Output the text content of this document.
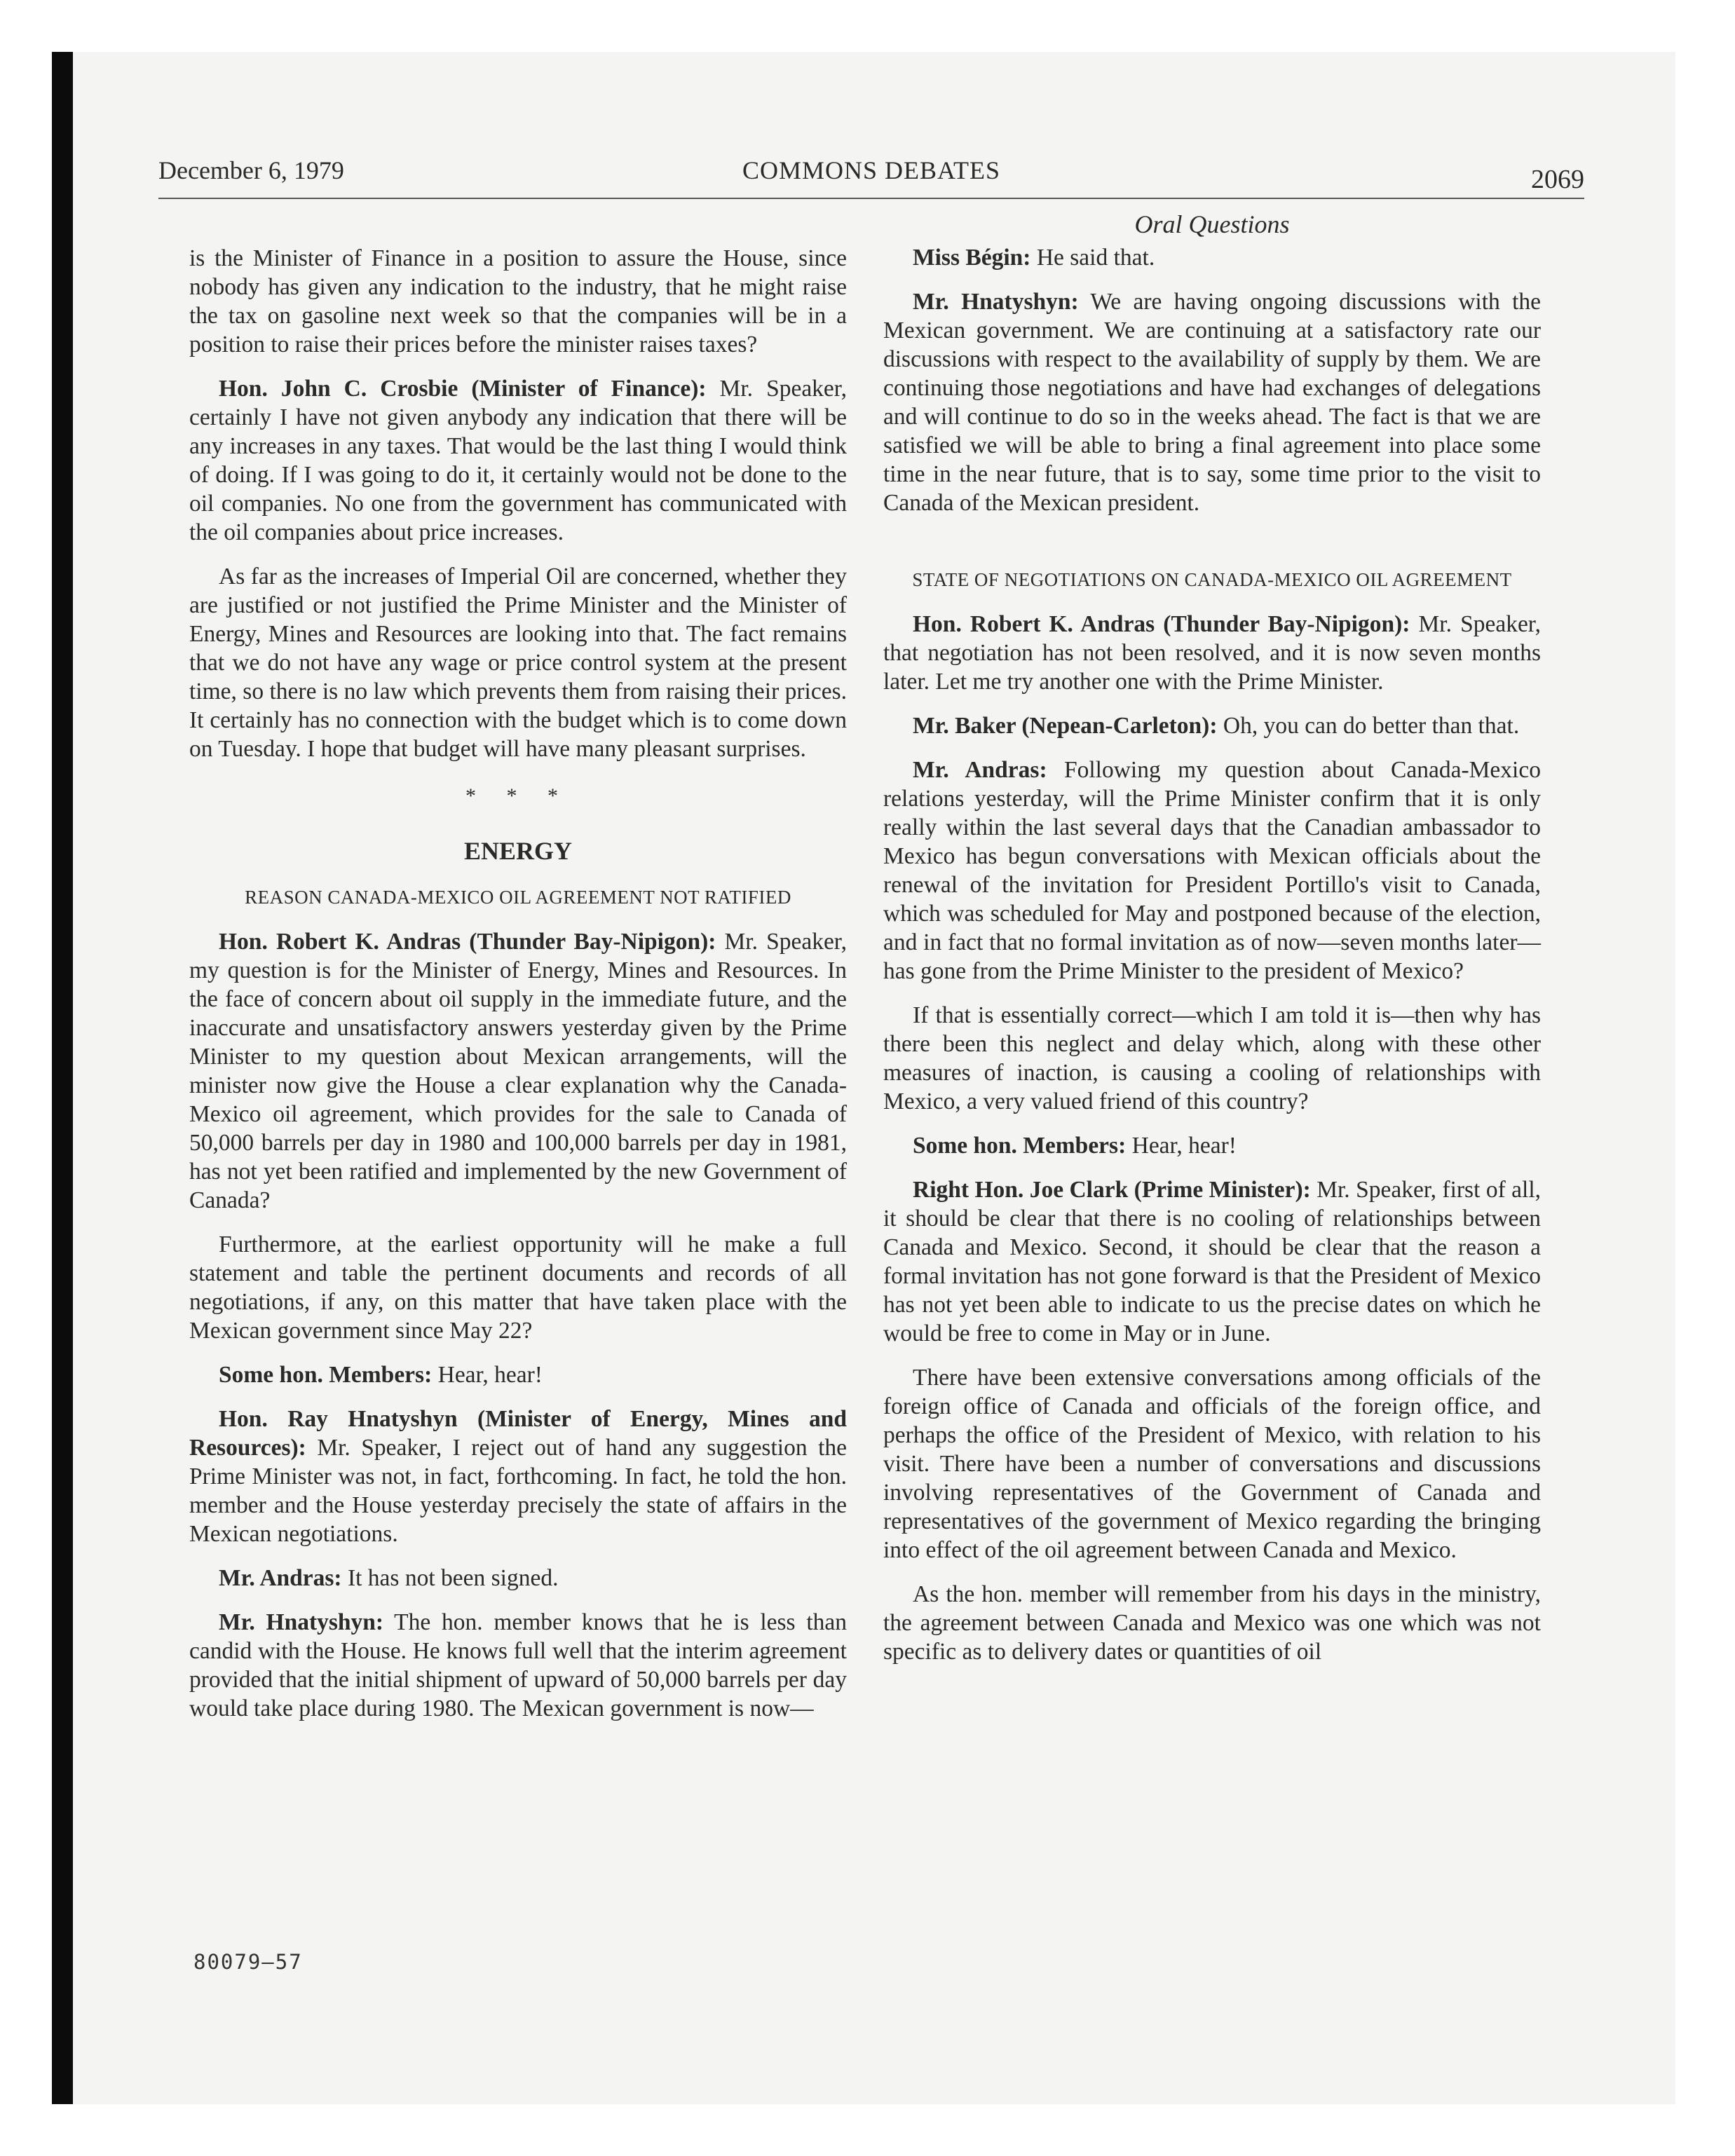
December 6, 1979	COMMONS DEBATES	2069

is the Minister of Finance in a position to assure the House, since nobody has given any indication to the industry, that he might raise the tax on gasoline next week so that the companies will be in a position to raise their prices before the minister raises taxes?

Hon. John C. Crosbie (Minister of Finance): Mr. Speaker, certainly I have not given anybody any indication that there will be any increases in any taxes. That would be the last thing I would think of doing. If I was going to do it, it certainly would not be done to the oil companies. No one from the government has communicated with the oil companies about price increases.

As far as the increases of Imperial Oil are concerned, whether they are justified or not justified the Prime Minister and the Minister of Energy, Mines and Resources are looking into that. The fact remains that we do not have any wage or price control system at the present time, so there is no law which prevents them from raising their prices. It certainly has no connection with the budget which is to come down on Tuesday. I hope that budget will have many pleasant surprises.

* * *
ENERGY
REASON CANADA-MEXICO OIL AGREEMENT NOT RATIFIED

Hon. Robert K. Andras (Thunder Bay-Nipigon): Mr. Speaker, my question is for the Minister of Energy, Mines and Resources. In the face of concern about oil supply in the immediate future, and the inaccurate and unsatisfactory answers yesterday given by the Prime Minister to my question about Mexican arrangements, will the minister now give the House a clear explanation why the Canada-Mexico oil agreement, which provides for the sale to Canada of 50,000 barrels per day in 1980 and 100,000 barrels per day in 1981, has not yet been ratified and implemented by the new Government of Canada?

Furthermore, at the earliest opportunity will he make a full statement and table the pertinent documents and records of all negotiations, if any, on this matter that have taken place with the Mexican government since May 22?

Some hon. Members: Hear, hear!

Hon. Ray Hnatyshyn (Minister of Energy, Mines and Resources): Mr. Speaker, I reject out of hand any suggestion the Prime Minister was not, in fact, forthcoming. In fact, he told the hon. member and the House yesterday precisely the state of affairs in the Mexican negotiations.

Mr. Andras: It has not been signed.

Mr. Hnatyshyn: The hon. member knows that he is less than candid with the House. He knows full well that the interim agreement provided that the initial shipment of upward of 50,000 barrels per day would take place during 1980. The Mexican government is now—

Oral Questions

Miss Bégin: He said that.

Mr. Hnatyshyn: We are having ongoing discussions with the Mexican government. We are continuing at a satisfactory rate our discussions with respect to the availability of supply by them. We are continuing those negotiations and have had exchanges of delegations and will continue to do so in the weeks ahead. The fact is that we are satisfied we will be able to bring a final agreement into place some time in the near future, that is to say, some time prior to the visit to Canada of the Mexican president.

STATE OF NEGOTIATIONS ON CANADA-MEXICO OIL AGREEMENT

Hon. Robert K. Andras (Thunder Bay-Nipigon): Mr. Speaker, that negotiation has not been resolved, and it is now seven months later. Let me try another one with the Prime Minister.

Mr. Baker (Nepean-Carleton): Oh, you can do better than that.

Mr. Andras: Following my question about Canada-Mexico relations yesterday, will the Prime Minister confirm that it is only really within the last several days that the Canadian ambassador to Mexico has begun conversations with Mexican officials about the renewal of the invitation for President Portillo's visit to Canada, which was scheduled for May and postponed because of the election, and in fact that no formal invitation as of now—seven months later—has gone from the Prime Minister to the president of Mexico?

If that is essentially correct—which I am told it is—then why has there been this neglect and delay which, along with these other measures of inaction, is causing a cooling of relationships with Mexico, a very valued friend of this country?

Some hon. Members: Hear, hear!

Right Hon. Joe Clark (Prime Minister): Mr. Speaker, first of all, it should be clear that there is no cooling of relationships between Canada and Mexico. Second, it should be clear that the reason a formal invitation has not gone forward is that the President of Mexico has not yet been able to indicate to us the precise dates on which he would be free to come in May or in June.

There have been extensive conversations among officials of the foreign office of Canada and officials of the foreign office, and perhaps the office of the President of Mexico, with relation to his visit. There have been a number of conversations and discussions involving representatives of the Government of Canada and representatives of the government of Mexico regarding the bringing into effect of the oil agreement between Canada and Mexico.

As the hon. member will remember from his days in the ministry, the agreement between Canada and Mexico was one which was not specific as to delivery dates or quantities of oil

80079—57
